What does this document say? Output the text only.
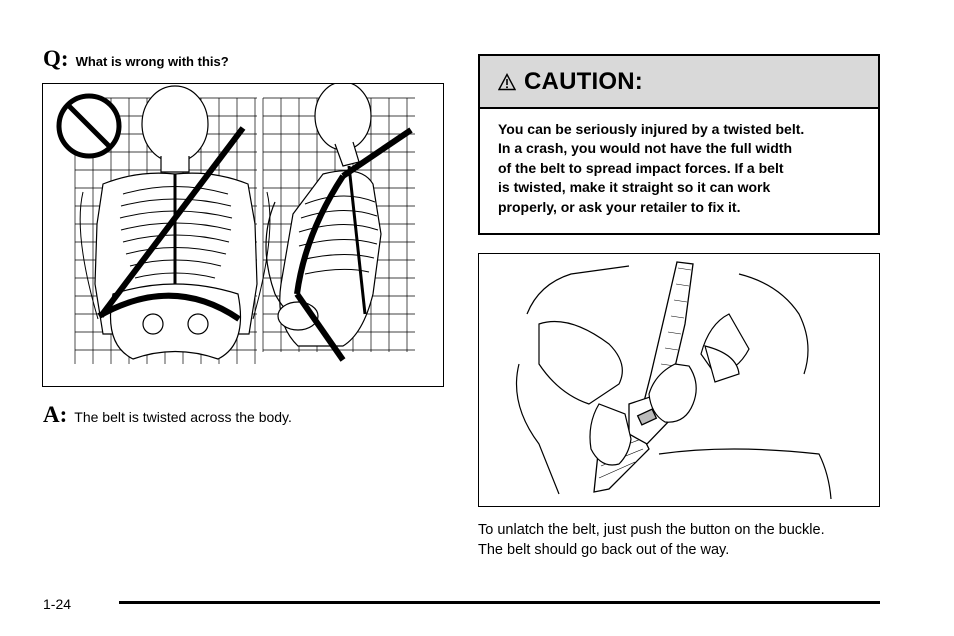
Q: What is wrong with this?
A: The belt is twisted across the body.
CAUTION:
You can be seriously injured by a twisted belt.
In a crash, you would not have the full width
of the belt to spread impact forces. If a belt
is twisted, make it straight so it can work
properly, or ask your retailer to fix it.
To unlatch the belt, just push the button on the buckle.
The belt should go back out of the way.
1-24
